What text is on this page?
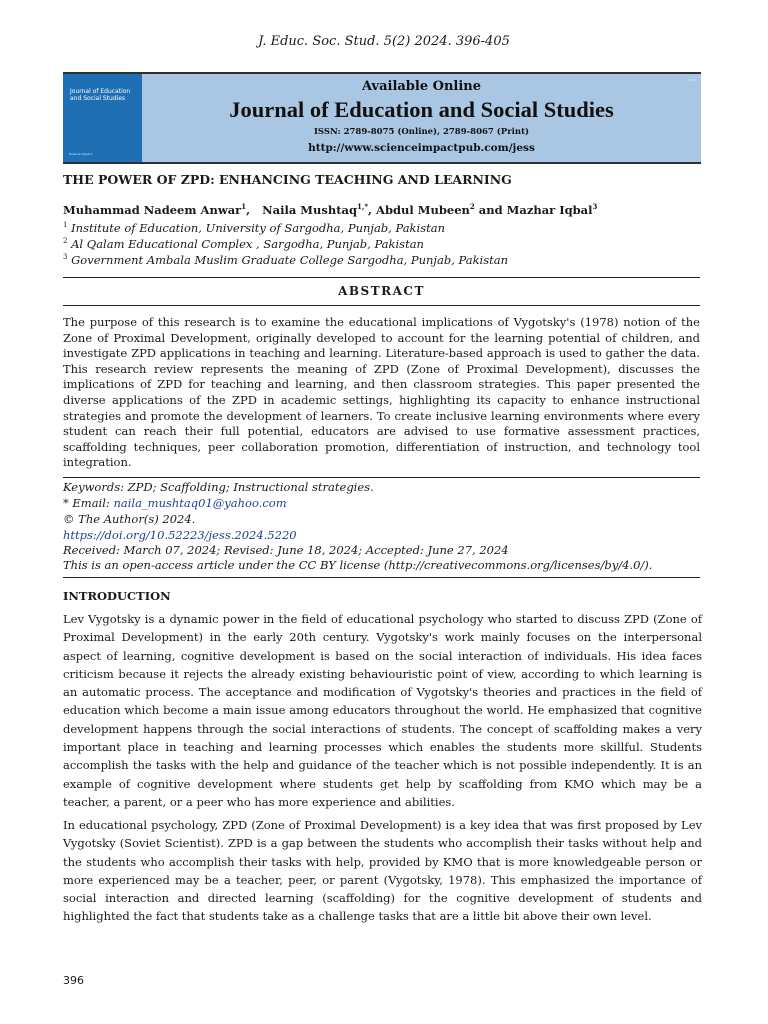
J. Educ. Soc. Stud. 5(2) 2024. 396-405
ISSN
Journal of Education and Social Studies
Science Impact
Available Online
Journal of Education and Social Studies
ISSN: 2789-8075 (Online), 2789-8067 (Print)
http://www.scienceimpactpub.com/jess
THE POWER OF ZPD: ENHANCING TEACHING AND LEARNING
Muhammad Nadeem Anwar$^1$,   Naila Mushtaq$^{1,*}$, Abdul Mubeen$^2$ and Mazhar Iqbal$^3$
$^1$ Institute of Education, University of Sargodha, Punjab, Pakistan
$^2$ Al Qalam Educational Complex , Sargodha, Punjab, Pakistan
$^3$ Government Ambala Muslim Graduate College Sargodha, Punjab, Pakistan
ABSTRACT
The purpose of this research is to examine the educational implications of Vygotsky's (1978) notion of the Zone of Proximal Development, originally developed to account for the learning potential of children, and investigate ZPD applications in teaching and learning. Literature-based approach is used to gather the data. This research review represents the meaning of ZPD (Zone of Proximal Development), discusses the implications of ZPD for teaching and learning, and then classroom strategies. This paper presented the diverse applications of the ZPD in academic settings, highlighting its capacity to enhance instructional strategies and promote the development of learners. To create inclusive learning environments where every student can reach their full potential, educators are advised to use formative assessment practices, scaffolding techniques, peer collaboration promotion, differentiation of instruction, and technology tool integration.
Keywords: ZPD; Scaffolding; Instructional strategies.
* Email: naila_mushtaq01@yahoo.com
© The Author(s) 2024.
https://doi.org/10.52223/jess.2024.5220
Received: March 07, 2024; Revised: June 18, 2024; Accepted: June 27, 2024
This is an open-access article under the CC BY license (http://creativecommons.org/licenses/by/4.0/).
INTRODUCTION
Lev Vygotsky is a dynamic power in the field of educational psychology who started to discuss ZPD (Zone of Proximal Development) in the early 20th century. Vygotsky's work mainly focuses on the interpersonal aspect of learning, cognitive development is based on the social interaction of individuals. His idea faces criticism because it rejects the already existing behaviouristic point of view, according to which learning is an automatic process. The acceptance and modification of Vygotsky's theories and practices in the field of education which become a main issue among educators throughout the world. He emphasized that cognitive development happens through the social interactions of students. The concept of scaffolding makes a very important place in teaching and learning processes which enables the students more skillful. Students accomplish the tasks with the help and guidance of the teacher which is not possible independently. It is an example of cognitive development where students get help by scaffolding from KMO which may be a teacher, a parent, or a peer who has more experience and abilities.
In educational psychology, ZPD (Zone of Proximal Development) is a key idea that was first proposed by Lev Vygotsky (Soviet Scientist). ZPD is a gap between the students who accomplish their tasks without help and the students who accomplish their tasks with help, provided by KMO that is more knowledgeable person or more experienced may be a teacher, peer, or parent (Vygotsky, 1978). This emphasized the importance of social interaction and directed learning (scaffolding) for the cognitive development of students and highlighted the fact that students take as a challenge tasks that are a little bit above their own level.
396
